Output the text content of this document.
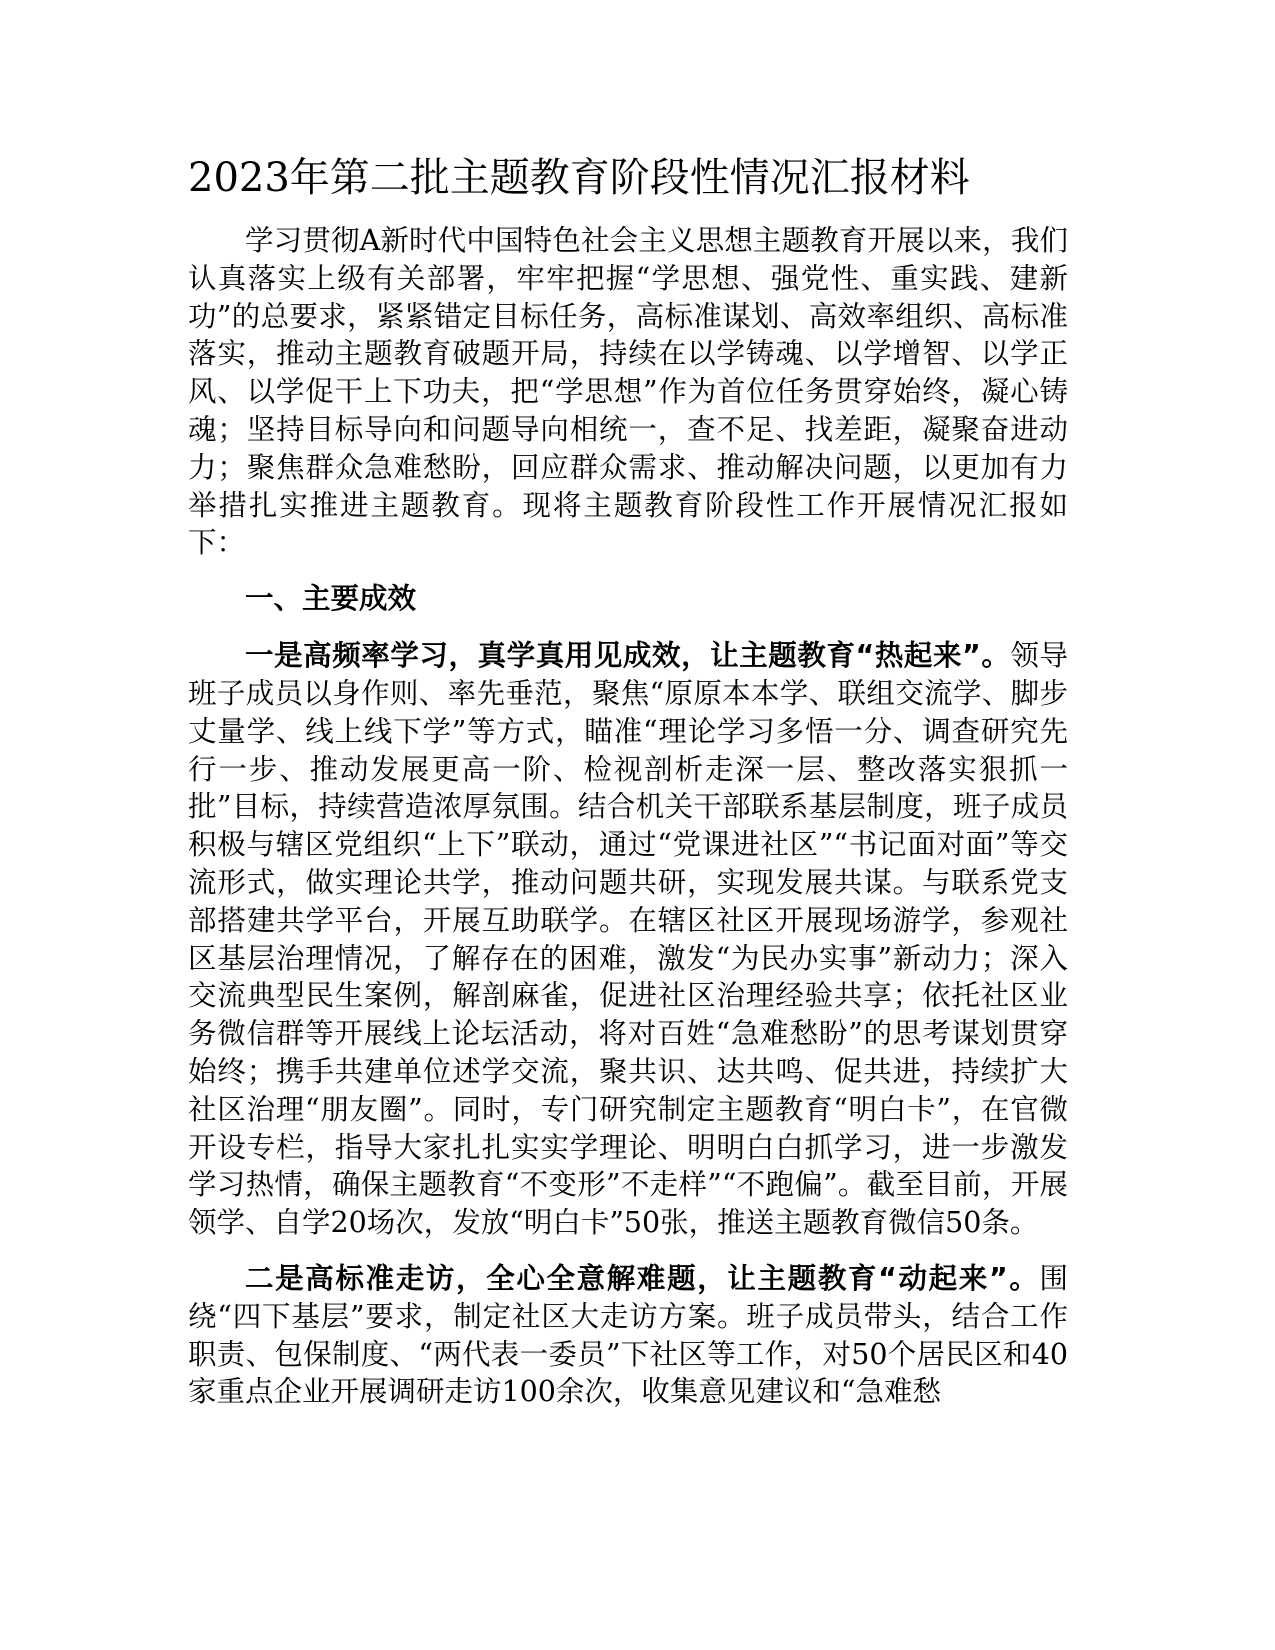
2023年第二批主题教育阶段性情况汇报材料

学习贯彻A新时代中国特色社会主义思想主题教育开展以来，我们认真落实上级有关部署，牢牢把握“学思想、强党性、重实践、建新功”的总要求，紧紧错定目标任务，高标准谋划、高效率组织、高标准落实，推动主题教育破题开局，持续在以学铸魂、以学增智、以学正风、以学促干上下功夫，把“学思想”作为首位任务贯穿始终，凝心铸魂；坚持目标导向和问题导向相统一，查不足、找差距，凝聚奋进动力；聚焦群众急难愁盼，回应群众需求、推动解决问题，以更加有力举措扎实推进主题教育。现将主题教育阶段性工作开展情况汇报如下：

一、主要成效

一是高频率学习，真学真用见成效，让主题教育“热起来”。领导班子成员以身作则、率先垂范，聚焦“原原本本学、联组交流学、脚步丈量学、线上线下学”等方式，瞄准“理论学习多悟一分、调查研究先行一步、推动发展更高一阶、检视剖析走深一层、整改落实狠抓一批”目标，持续营造浓厚氛围。结合机关干部联系基层制度，班子成员积极与辖区党组织“上下”联动，通过“党课进社区”“书记面对面”等交流形式，做实理论共学，推动问题共研，实现发展共谋。与联系党支部搭建共学平台，开展互助联学。在辖区社区开展现场游学，参观社区基层治理情况，了解存在的困难，激发“为民办实事”新动力；深入交流典型民生案例，解剖麻雀，促进社区治理经验共享；依托社区业务微信群等开展线上论坛活动，将对百姓“急难愁盼”的思考谋划贯穿始终；携手共建单位述学交流，聚共识、达共鸣、促共进，持续扩大社区治理“朋友圈”。同时，专门研究制定主题教育“明白卡”，在官微开设专栏，指导大家扎扎实实学理论、明明白白抓学习，进一步激发学习热情，确保主题教育“不变形”不走样”“不跑偏”。截至目前，开展领学、自学20场次，发放“明白卡”50张，推送主题教育微信50条。

二是高标准走访，全心全意解难题，让主题教育“动起来”。围绕“四下基层”要求，制定社区大走访方案。班子成员带头，结合工作职责、包保制度、“两代表一委员”下社区等工作，对50个居民区和40家重点企业开展调研走访100余次，收集意见建议和“急难愁
